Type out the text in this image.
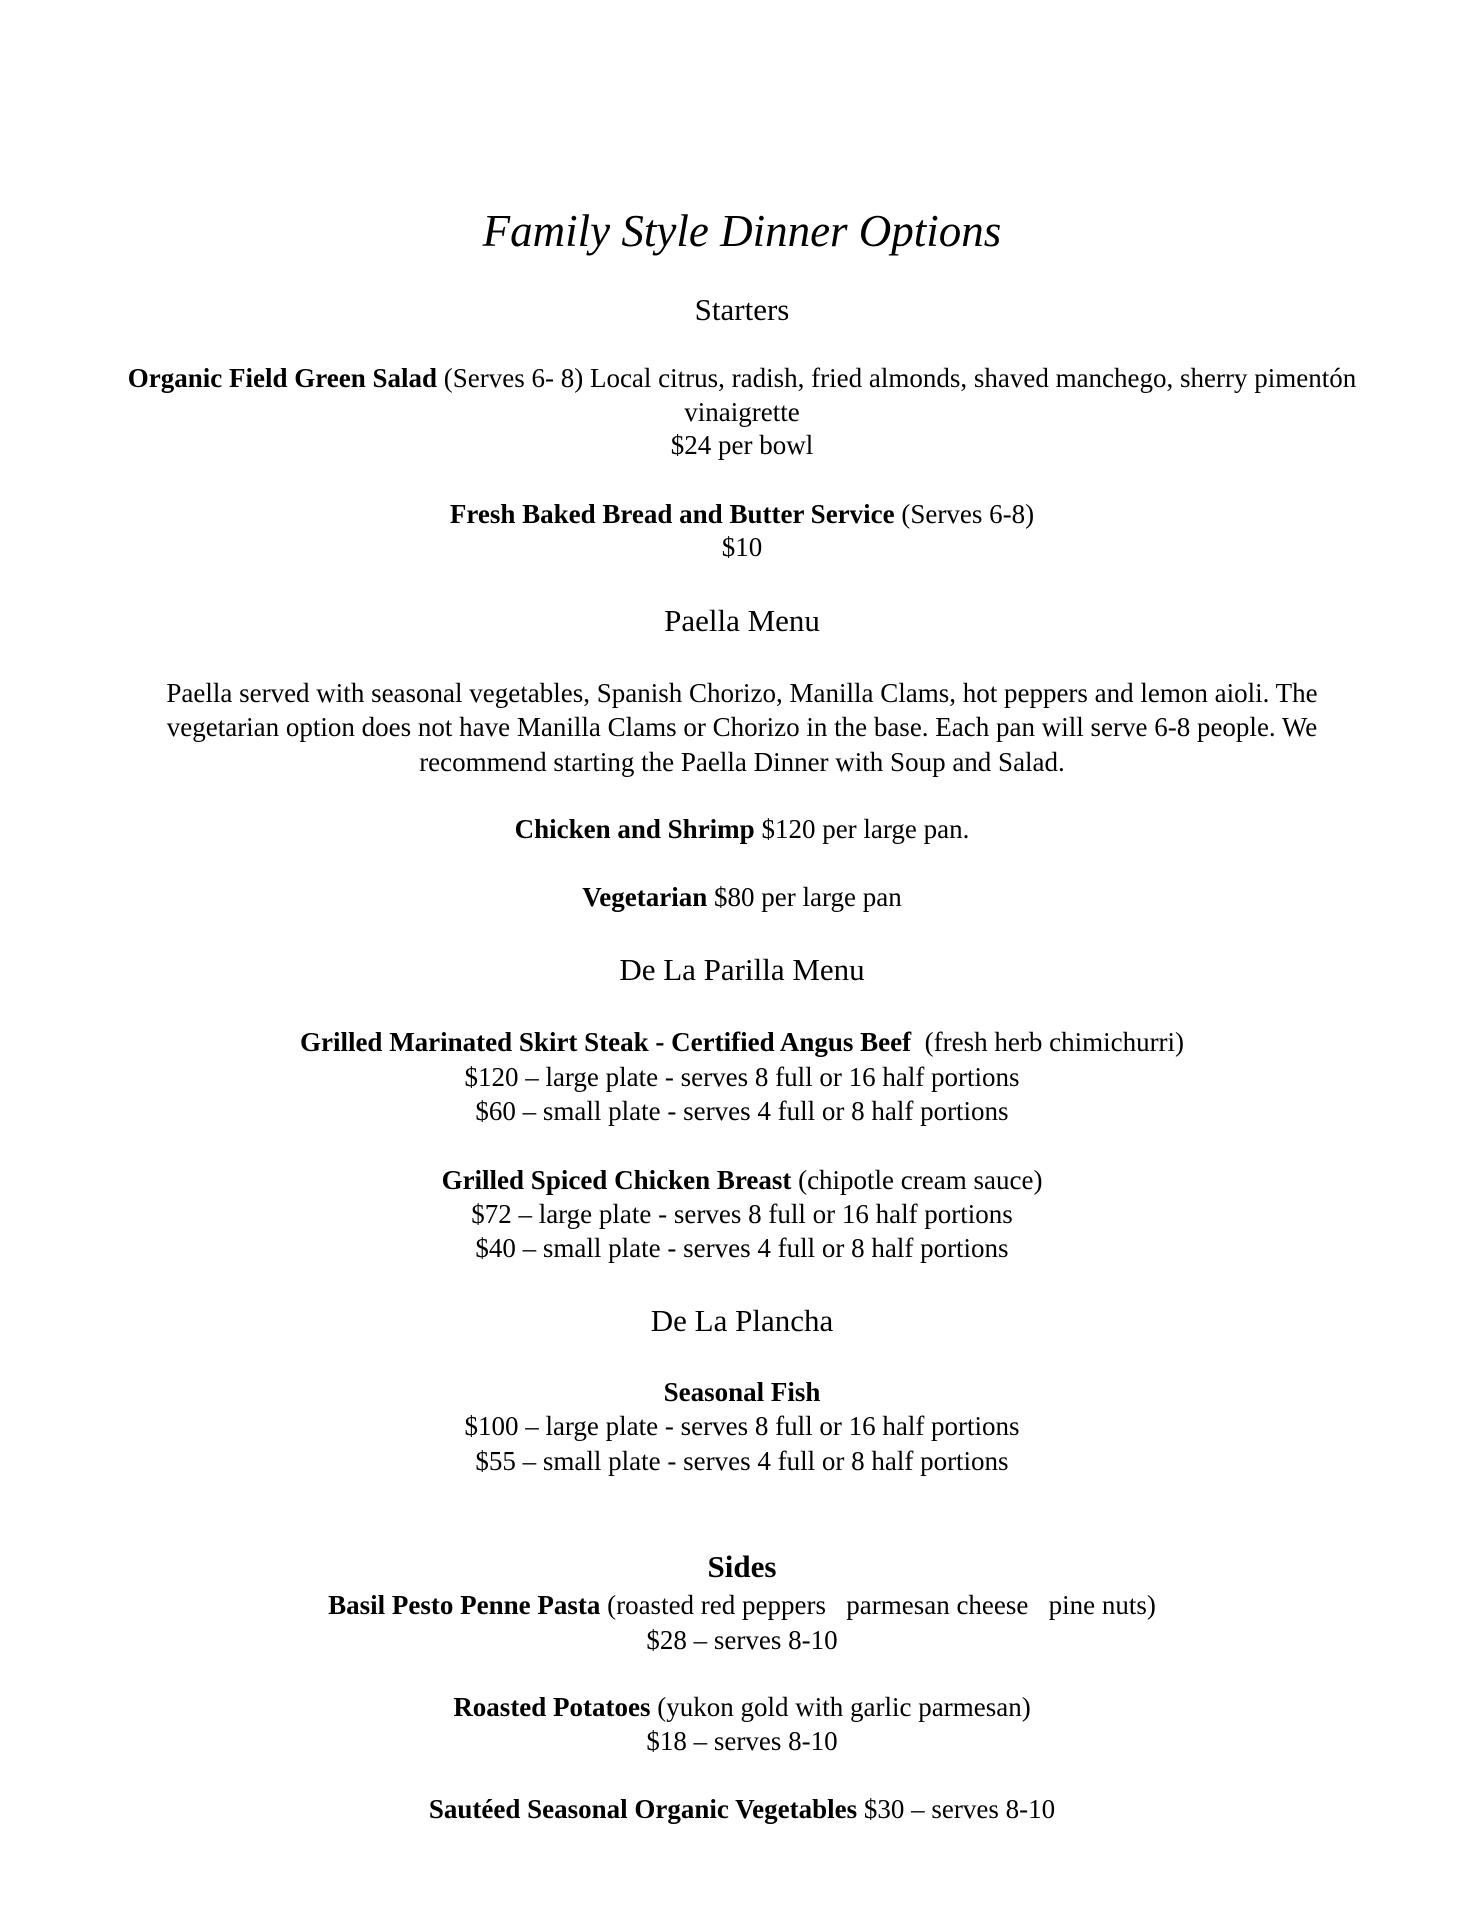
Family Style Dinner Options
Starters
Organic Field Green Salad (Serves 6- 8) Local citrus, radish, fried almonds, shaved manchego, sherry pimentón
vinaigrette
$24 per bowl
Fresh Baked Bread and Butter Service (Serves 6-8)
$10
Paella Menu
Paella served with seasonal vegetables, Spanish Chorizo, Manilla Clams, hot peppers and lemon aioli. The
vegetarian option does not have Manilla Clams or Chorizo in the base. Each pan will serve 6-8 people. We
recommend starting the Paella Dinner with Soup and Salad.
Chicken and Shrimp $120 per large pan.
Vegetarian $80 per large pan
De La Parilla Menu
Grilled Marinated Skirt Steak - Certified Angus Beef  (fresh herb chimichurri)
$120 – large plate - serves 8 full or 16 half portions
$60 – small plate - serves 4 full or 8 half portions
Grilled Spiced Chicken Breast (chipotle cream sauce)
$72 – large plate - serves 8 full or 16 half portions
$40 – small plate - serves 4 full or 8 half portions
De La Plancha
Seasonal Fish
$100 – large plate - serves 8 full or 16 half portions
$55 – small plate - serves 4 full or 8 half portions
Sides
Basil Pesto Penne Pasta (roasted red peppers   parmesan cheese   pine nuts)
$28 – serves 8-10
Roasted Potatoes (yukon gold with garlic parmesan)
$18 – serves 8-10
Sautéed Seasonal Organic Vegetables $30 – serves 8-10
